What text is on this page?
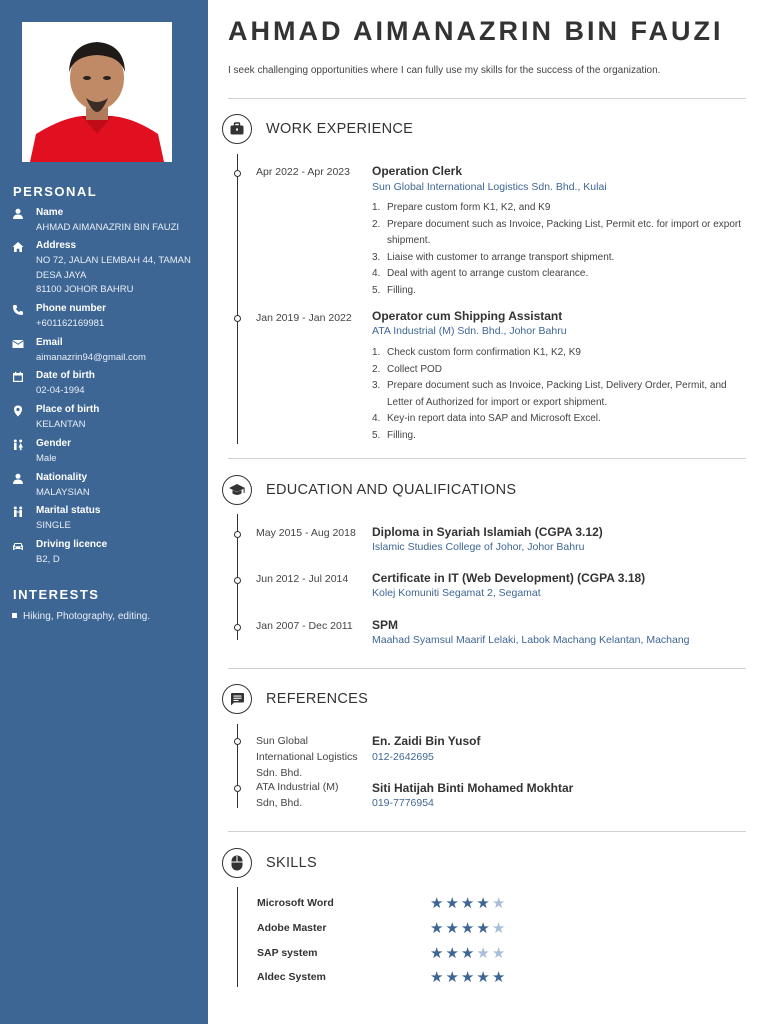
PERSONAL
Name
AHMAD AIMANAZRIN BIN FAUZI
Address
NO 72, JALAN LEMBAH 44, TAMAN DESA JAYA
81100 JOHOR BAHRU
Phone number
+601162169981
Email
aimanazrin94@gmail.com
Date of birth
02-04-1994
Place of birth
KELANTAN
Gender
Male
Nationality
MALAYSIAN
Marital status
SINGLE
Driving licence
B2, D
INTERESTS
Hiking, Photography, editing.
AHMAD AIMANAZRIN BIN FAUZI
I seek challenging opportunities where I can fully use my skills for the success of the organization.
WORK EXPERIENCE
Apr 2022 - Apr 2023 Operation Clerk
Sun Global International Logistics Sdn. Bhd., Kulai
1. Prepare custom form K1, K2, and K9
2. Prepare document such as Invoice, Packing List, Permit etc. for import or export shipment.
3. Liaise with customer to arrange transport shipment.
4. Deal with agent to arrange custom clearance.
5. Filling.
Jan 2019 - Jan 2022 Operator cum Shipping Assistant
ATA Industrial (M) Sdn. Bhd., Johor Bahru
1. Check custom form confirmation K1, K2, K9
2. Collect POD
3. Prepare document such as Invoice, Packing List, Delivery Order, Permit, and Letter of Authorized for import or export shipment.
4. Key-in report data into SAP and Microsoft Excel.
5. Filling.
EDUCATION AND QUALIFICATIONS
May 2015 - Aug 2018 Diploma in Syariah Islamiah (CGPA 3.12)
Islamic Studies College of Johor, Johor Bahru
Jun 2012 - Jul 2014 Certificate in IT (Web Development) (CGPA 3.18)
Kolej Komuniti Segamat 2, Segamat
Jan 2007 - Dec 2011 SPM
Maahad Syamsul Maarif Lelaki, Labok Machang Kelantan, Machang
REFERENCES
Sun Global International Logistics Sdn. Bhd.
En. Zaidi Bin Yusof
012-2642695
ATA Industrial (M) Sdn, Bhd.
Siti Hatijah Binti Mohamed Mokhtar
019-7776954
SKILLS
Microsoft Word	★★★★★
Adobe Master	★★★★★
SAP system	★★★★★
Aldec System	★★★★★
